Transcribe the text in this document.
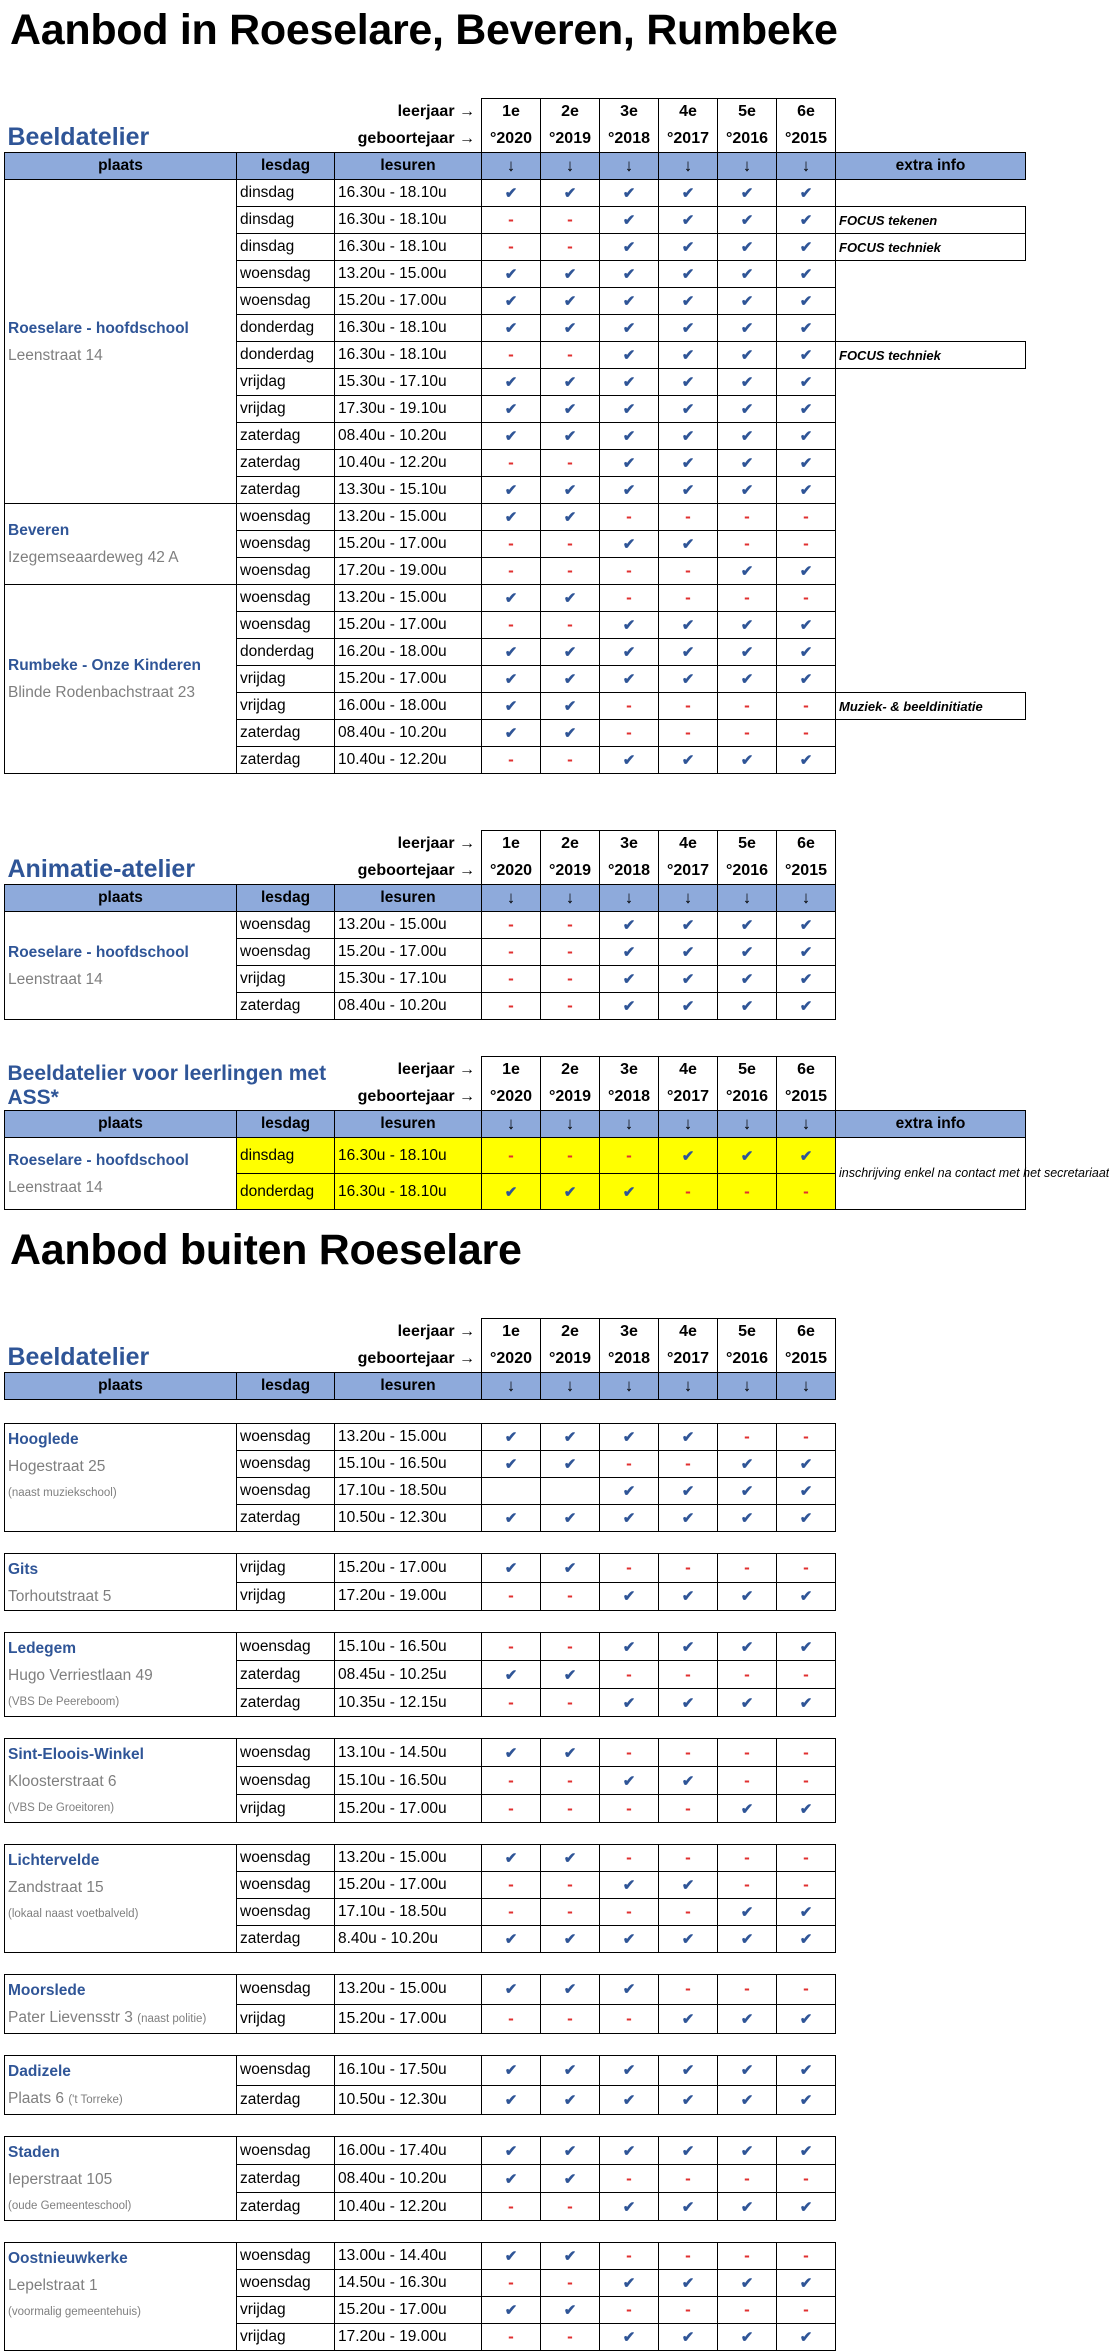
Aanbod in Roeselare, Beveren, Rumbeke
Aanbod buiten Roeselare
Beeldatelier		leerjaar →	1e	2e	3e	4e	5e	6e	
		geboortejaar →	°2020	°2019	°2018	°2017	°2016	°2015	
plaats	lesdag	lesuren	↓	↓	↓	↓	↓	↓	extra info

Roeselare - hoofdschool
Leenstraat 14	dinsdag	16.30u - 18.10u	✔	✔	✔	✔	✔	✔	
	dinsdag	16.30u - 18.10u	-	-	✔	✔	✔	✔	FOCUS tekenen
	dinsdag	16.30u - 18.10u	-	-	✔	✔	✔	✔	FOCUS techniek
	woensdag	13.20u - 15.00u	✔	✔	✔	✔	✔	✔	
	woensdag	15.20u - 17.00u	✔	✔	✔	✔	✔	✔	
	donderdag	16.30u - 18.10u	✔	✔	✔	✔	✔	✔	
	donderdag	16.30u - 18.10u	-	-	✔	✔	✔	✔	FOCUS techniek
	vrijdag	15.30u - 17.10u	✔	✔	✔	✔	✔	✔	
	vrijdag	17.30u - 19.10u	✔	✔	✔	✔	✔	✔	
	zaterdag	08.40u - 10.20u	✔	✔	✔	✔	✔	✔	
	zaterdag	10.40u - 12.20u	-	-	✔	✔	✔	✔	
	zaterdag	13.30u - 15.10u	✔	✔	✔	✔	✔	✔	

Beveren
Izegemseaardeweg 42 A	woensdag	13.20u - 15.00u	✔	✔	-	-	-	-	
	woensdag	15.20u - 17.00u	-	-	✔	✔	-	-	
	woensdag	17.20u - 19.00u	-	-	-	-	✔	✔	

Rumbeke - Onze Kinderen
Blinde Rodenbachstraat 23	woensdag	13.20u - 15.00u	✔	✔	-	-	-	-	
	woensdag	15.20u - 17.00u	-	-	✔	✔	✔	✔	
	donderdag	16.20u - 18.00u	✔	✔	✔	✔	✔	✔	
	vrijdag	15.20u - 17.00u	✔	✔	✔	✔	✔	✔	
	vrijdag	16.00u - 18.00u	✔	✔	-	-	-	-	Muziek- & beeldinitiatie
	zaterdag	08.40u - 10.20u	✔	✔	-	-	-	-	
	zaterdag	10.40u - 12.20u	-	-	✔	✔	✔	✔	
Animatie-atelier		leerjaar →	1e	2e	3e	4e	5e	6e	
		geboortejaar →	°2020	°2019	°2018	°2017	°2016	°2015	
plaats	lesdag	lesuren	↓	↓	↓	↓	↓	↓	

Roeselare - hoofdschool
Leenstraat 14	woensdag	13.20u - 15.00u	-	-	✔	✔	✔	✔	
	woensdag	15.20u - 17.00u	-	-	✔	✔	✔	✔	
	vrijdag	15.30u - 17.10u	-	-	✔	✔	✔	✔	
	zaterdag	08.40u - 10.20u	-	-	✔	✔	✔	✔	
Beeldatelier voor leerlingen met ASS*		leerjaar →	1e	2e	3e	4e	5e	6e	
		geboortejaar →	°2020	°2019	°2018	°2017	°2016	°2015	
plaats	lesdag	lesuren	↓	↓	↓	↓	↓	↓	extra info

Roeselare - hoofdschool
Leenstraat 14	dinsdag	16.30u - 18.10u	-	-	-	✔	✔	✔	inschrijving enkel na contact met het secretariaat
	donderdag	16.30u - 18.10u	✔	✔	✔	-	-	-	
Beeldatelier		leerjaar →	1e	2e	3e	4e	5e	6e	
		geboortejaar →	°2020	°2019	°2018	°2017	°2016	°2015	
plaats	lesdag	lesuren	↓	↓	↓	↓	↓	↓	

Hooglede
Hogestraat 25
(naast muziekschool)	woensdag	13.20u - 15.00u	✔	✔	✔	✔	-	-	
	woensdag	15.10u - 16.50u	✔	✔	-	-	✔	✔	
	woensdag	17.10u - 18.50u			✔	✔	✔	✔	
	zaterdag	10.50u - 12.30u	✔	✔	✔	✔	✔	✔	

Gits
Torhoutstraat 5	vrijdag	15.20u - 17.00u	✔	✔	-	-	-	-	
	vrijdag	17.20u - 19.00u	-	-	✔	✔	✔	✔	

Ledegem
Hugo Verriestlaan 49
(VBS De Peereboom)	woensdag	15.10u - 16.50u	-	-	✔	✔	✔	✔	
	zaterdag	08.45u - 10.25u	✔	✔	-	-	-	-	
	zaterdag	10.35u - 12.15u	-	-	✔	✔	✔	✔	

Sint-Eloois-Winkel
Kloosterstraat 6
(VBS De Groeitoren)	woensdag	13.10u - 14.50u	✔	✔	-	-	-	-	
	woensdag	15.10u - 16.50u	-	-	✔	✔	-	-	
	vrijdag	15.20u - 17.00u	-	-	-	-	✔	✔	

Lichtervelde
Zandstraat 15
(lokaal naast voetbalveld)	woensdag	13.20u - 15.00u	✔	✔	-	-	-	-	
	woensdag	15.20u - 17.00u	-	-	✔	✔	-	-	
	woensdag	17.10u - 18.50u	-	-	-	-	✔	✔	
	zaterdag	8.40u - 10.20u	✔	✔	✔	✔	✔	✔	

Moorslede
Pater Lievensstr 3 (naast politie)	woensdag	13.20u - 15.00u	✔	✔	✔	-	-	-	
	vrijdag	15.20u - 17.00u	-	-	-	✔	✔	✔	

Dadizele
Plaats 6 ('t Torreke)	woensdag	16.10u - 17.50u	✔	✔	✔	✔	✔	✔	
	zaterdag	10.50u - 12.30u	✔	✔	✔	✔	✔	✔	

Staden
Ieperstraat 105
(oude Gemeenteschool)	woensdag	16.00u - 17.40u	✔	✔	✔	✔	✔	✔	
	zaterdag	08.40u - 10.20u	✔	✔	-	-	-	-	
	zaterdag	10.40u - 12.20u	-	-	✔	✔	✔	✔	

Oostnieuwkerke
Lepelstraat 1
(voormalig gemeentehuis)	woensdag	13.00u - 14.40u	✔	✔	-	-	-	-	
	woensdag	14.50u - 16.30u	-	-	✔	✔	✔	✔	
	vrijdag	15.20u - 17.00u	✔	✔	-	-	-	-	
	vrijdag	17.20u - 19.00u	-	-	✔	✔	✔	✔	
